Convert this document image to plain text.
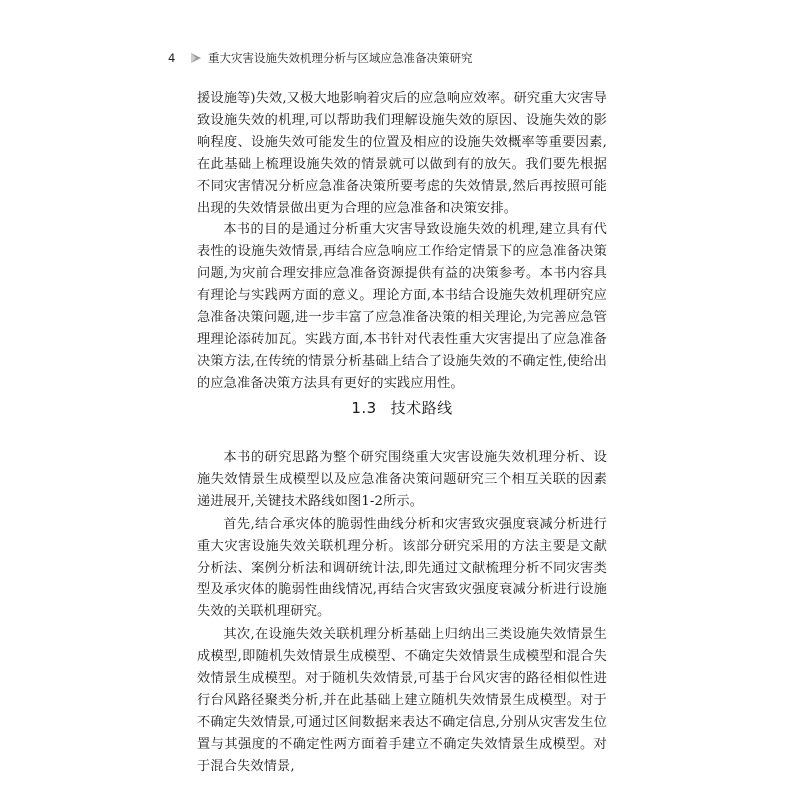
4	重大灾害设施失效机理分析与区域应急准备决策研究

援设施等)失效,又极大地影响着灾后的应急响应效率。研究重大灾害导致设施失效的机理,可以帮助我们理解设施失效的原因、设施失效的影响程度、设施失效可能发生的位置及相应的设施失效概率等重要因素,在此基础上梳理设施失效的情景就可以做到有的放矢。我们要先根据不同灾害情况分析应急准备决策所要考虑的失效情景,然后再按照可能出现的失效情景做出更为合理的应急准备和决策安排。

本书的目的是通过分析重大灾害导致设施失效的机理,建立具有代表性的设施失效情景,再结合应急响应工作给定情景下的应急准备决策问题,为灾前合理安排应急准备资源提供有益的决策参考。本书内容具有理论与实践两方面的意义。理论方面,本书结合设施失效机理研究应急准备决策问题,进一步丰富了应急准备决策的相关理论,为完善应急管理理论添砖加瓦。实践方面,本书针对代表性重大灾害提出了应急准备决策方法,在传统的情景分析基础上结合了设施失效的不确定性,使给出的应急准备决策方法具有更好的实践应用性。

1.3 技术路线

本书的研究思路为整个研究围绕重大灾害设施失效机理分析、设施失效情景生成模型以及应急准备决策问题研究三个相互关联的因素递进展开,关键技术路线如图1-2所示。

首先,结合承灾体的脆弱性曲线分析和灾害致灾强度衰减分析进行重大灾害设施失效关联机理分析。该部分研究采用的方法主要是文献分析法、案例分析法和调研统计法,即先通过文献梳理分析不同灾害类型及承灾体的脆弱性曲线情况,再结合灾害致灾强度衰减分析进行设施失效的关联机理研究。

其次,在设施失效关联机理分析基础上归纳出三类设施失效情景生成模型,即随机失效情景生成模型、不确定失效情景生成模型和混合失效情景生成模型。对于随机失效情景,可基于台风灾害的路径相似性进行台风路径聚类分析,并在此基础上建立随机失效情景生成模型。对于不确定失效情景,可通过区间数据来表达不确定信息,分别从灾害发生位置与其强度的不确定性两方面着手建立不确定失效情景生成模型。对于混合失效情景,
